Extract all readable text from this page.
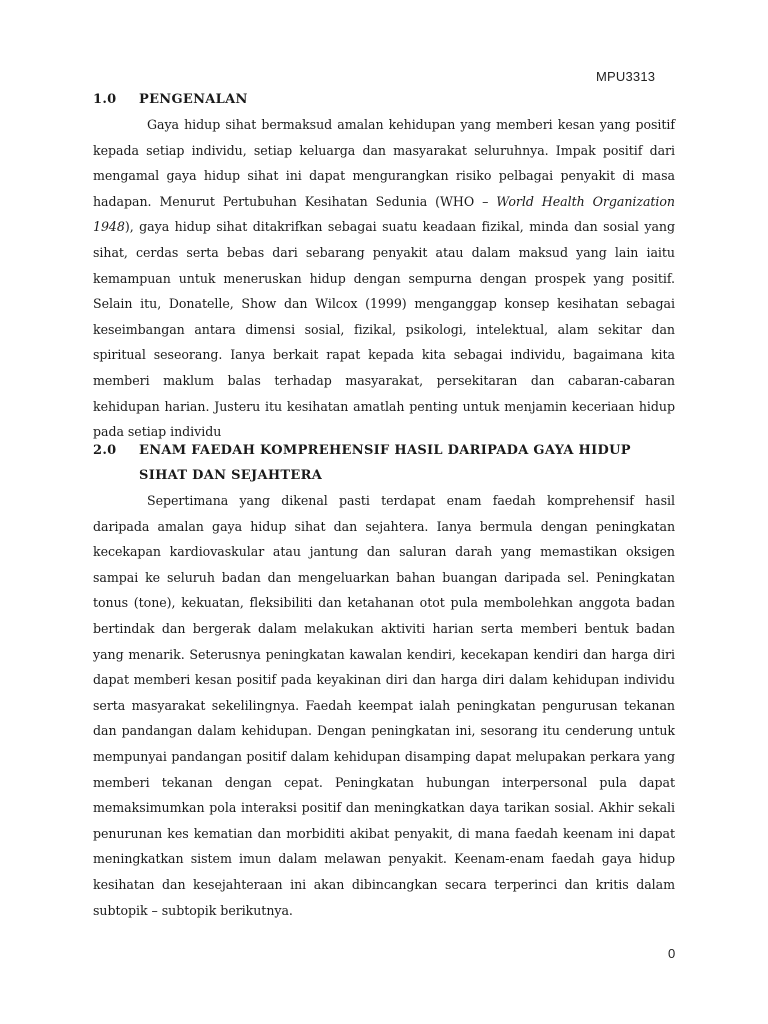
MPU3313
1.0	PENGENALAN

Gaya hidup sihat bermaksud amalan kehidupan yang memberi kesan yang positif kepada setiap individu, setiap keluarga dan masyarakat seluruhnya. Impak positif dari mengamal gaya hidup sihat ini dapat mengurangkan risiko pelbagai penyakit di masa hadapan. Menurut Pertubuhan Kesihatan Sedunia (WHO – World Health Organization 1948), gaya hidup sihat ditakrifkan sebagai suatu keadaan fizikal, minda dan sosial yang sihat, cerdas serta bebas dari sebarang penyakit atau dalam maksud yang lain iaitu kemampuan untuk meneruskan hidup dengan sempurna dengan prospek yang positif. Selain itu, Donatelle, Show dan Wilcox (1999) menganggap konsep kesihatan sebagai keseimbangan antara dimensi sosial, fizikal, psikologi, intelektual, alam sekitar dan spiritual seseorang. Ianya berkait rapat kepada kita sebagai individu, bagaimana kita memberi maklum balas terhadap masyarakat, persekitaran dan cabaran-cabaran kehidupan harian. Justeru itu kesihatan amatlah penting untuk menjamin keceriaan hidup pada setiap individu

2.0	ENAM FAEDAH KOMPREHENSIF HASIL DARIPADA GAYA HIDUP
SIHAT DAN SEJAHTERA

Sepertimana yang dikenal pasti terdapat enam faedah komprehensif hasil daripada amalan gaya hidup sihat dan sejahtera. Ianya bermula dengan peningkatan kecekapan kardiovaskular atau jantung dan saluran darah yang memastikan oksigen sampai ke seluruh badan dan mengeluarkan bahan buangan daripada sel. Peningkatan tonus (tone), kekuatan, fleksibiliti dan ketahanan otot pula membolehkan anggota badan bertindak dan bergerak dalam melakukan aktiviti harian serta memberi bentuk badan yang menarik. Seterusnya peningkatan kawalan kendiri, kecekapan kendiri dan harga diri dapat memberi kesan positif pada keyakinan diri dan harga diri dalam kehidupan individu serta masyarakat sekelilingnya. Faedah keempat ialah peningkatan pengurusan tekanan dan pandangan dalam kehidupan. Dengan peningkatan ini, sesorang itu cenderung untuk mempunyai pandangan positif dalam kehidupan disamping dapat melupakan perkara yang memberi tekanan dengan cepat. Peningkatan hubungan interpersonal pula dapat memaksimumkan pola interaksi positif dan meningkatkan daya tarikan sosial. Akhir sekali penurunan kes kematian dan morbiditi akibat penyakit, di mana faedah keenam ini dapat meningkatkan sistem imun dalam melawan penyakit. Keenam-enam faedah gaya hidup kesihatan dan kesejahteraan ini akan dibincangkan secara terperinci dan kritis dalam subtopik – subtopik berikutnya.

0
